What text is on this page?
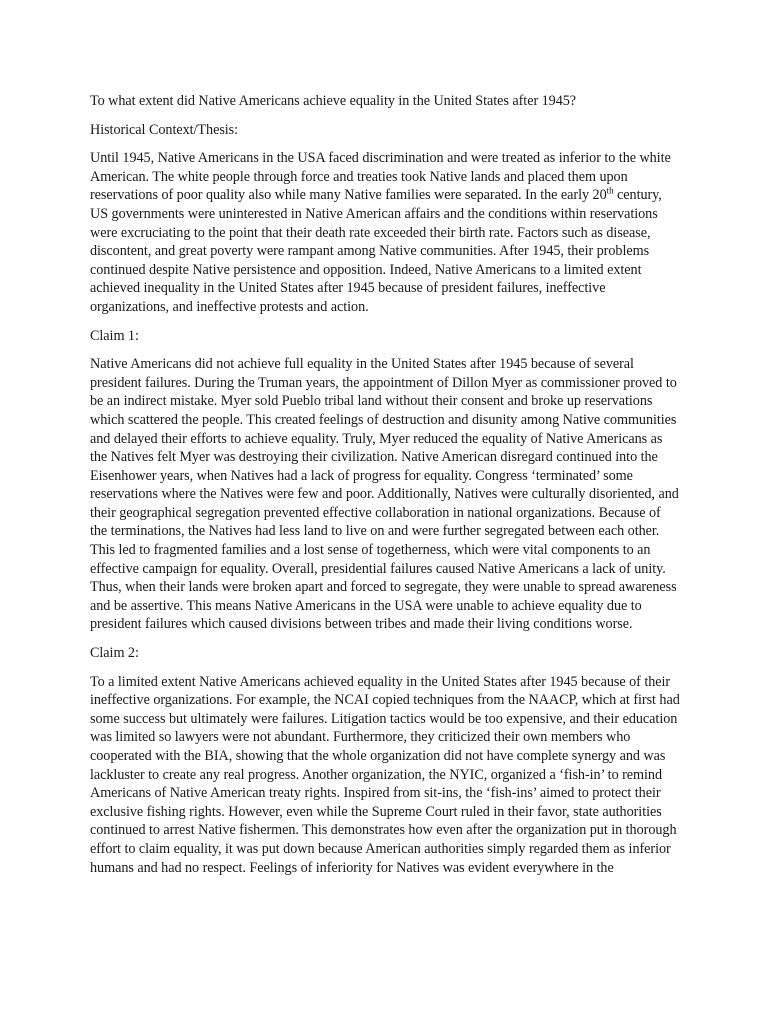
To what extent did Native Americans achieve equality in the United States after 1945?

Historical Context/Thesis:

Until 1945, Native Americans in the USA faced discrimination and were treated as inferior to the white American. The white people through force and treaties took Native lands and placed them upon reservations of poor quality also while many Native families were separated. In the early 20th century, US governments were uninterested in Native American affairs and the conditions within reservations were excruciating to the point that their death rate exceeded their birth rate. Factors such as disease, discontent, and great poverty were rampant among Native communities. After 1945, their problems continued despite Native persistence and opposition. Indeed, Native Americans to a limited extent achieved inequality in the United States after 1945 because of president failures, ineffective organizations, and ineffective protests and action.

Claim 1:

Native Americans did not achieve full equality in the United States after 1945 because of several president failures. During the Truman years, the appointment of Dillon Myer as commissioner proved to be an indirect mistake. Myer sold Pueblo tribal land without their consent and broke up reservations which scattered the people. This created feelings of destruction and disunity among Native communities and delayed their efforts to achieve equality. Truly, Myer reduced the equality of Native Americans as the Natives felt Myer was destroying their civilization. Native American disregard continued into the Eisenhower years, when Natives had a lack of progress for equality. Congress ‘terminated’ some reservations where the Natives were few and poor. Additionally, Natives were culturally disoriented, and their geographical segregation prevented effective collaboration in national organizations. Because of the terminations, the Natives had less land to live on and were further segregated between each other. This led to fragmented families and a lost sense of togetherness, which were vital components to an effective campaign for equality. Overall, presidential failures caused Native Americans a lack of unity. Thus, when their lands were broken apart and forced to segregate, they were unable to spread awareness and be assertive. This means Native Americans in the USA were unable to achieve equality due to president failures which caused divisions between tribes and made their living conditions worse.

Claim 2:

To a limited extent Native Americans achieved equality in the United States after 1945 because of their ineffective organizations. For example, the NCAI copied techniques from the NAACP, which at first had some success but ultimately were failures. Litigation tactics would be too expensive, and their education was limited so lawyers were not abundant. Furthermore, they criticized their own members who cooperated with the BIA, showing that the whole organization did not have complete synergy and was lackluster to create any real progress. Another organization, the NYIC, organized a ‘fish-in’ to remind Americans of Native American treaty rights. Inspired from sit-ins, the ‘fish-ins’ aimed to protect their exclusive fishing rights. However, even while the Supreme Court ruled in their favor, state authorities continued to arrest Native fishermen. This demonstrates how even after the organization put in thorough effort to claim equality, it was put down because American authorities simply regarded them as inferior humans and had no respect. Feelings of inferiority for Natives was evident everywhere in the
